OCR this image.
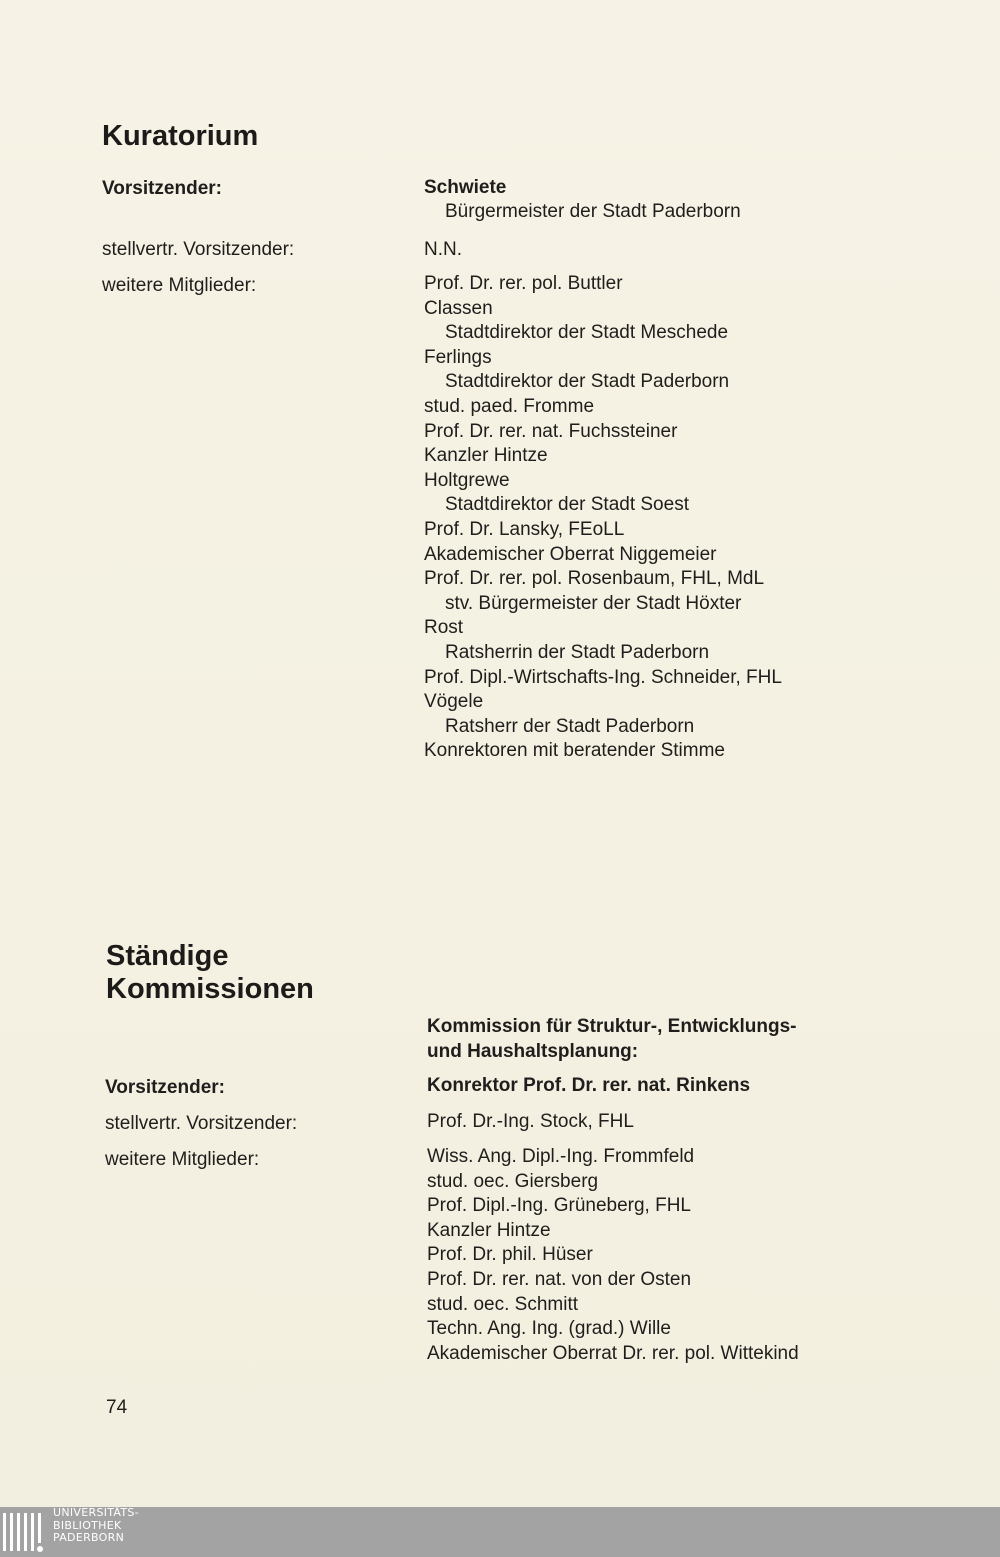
Kuratorium
Vorsitzender:	Schwiete
Bürgermeister der Stadt Paderborn
stellvertr. Vorsitzender:	N.N.
weitere Mitglieder:	Prof. Dr. rer. pol. Buttler
Classen
Stadtdirektor der Stadt Meschede
Ferlings
Stadtdirektor der Stadt Paderborn
stud. paed. Fromme
Prof. Dr. rer. nat. Fuchssteiner
Kanzler Hintze
Holtgrewe
Stadtdirektor der Stadt Soest
Prof. Dr. Lansky, FEoLL
Akademischer Oberrat Niggemeier
Prof. Dr. rer. pol. Rosenbaum, FHL, MdL
stv. Bürgermeister der Stadt Höxter
Rost
Ratsherrin der Stadt Paderborn
Prof. Dipl.-Wirtschafts-Ing. Schneider, FHL
Vögele
Ratsherr der Stadt Paderborn
Konrektoren mit beratender Stimme
Ständige
Kommissionen
Kommission für Struktur-, Entwicklungs-
und Haushaltsplanung:
Vorsitzender:	Konrektor Prof. Dr. rer. nat. Rinkens
stellvertr. Vorsitzender:	Prof. Dr.-Ing. Stock, FHL
weitere Mitglieder:	Wiss. Ang. Dipl.-Ing. Frommfeld
stud. oec. Giersberg
Prof. Dipl.-Ing. Grüneberg, FHL
Kanzler Hintze
Prof. Dr. phil. Hüser
Prof. Dr. rer. nat. von der Osten
stud. oec. Schmitt
Techn. Ang. Ing. (grad.) Wille
Akademischer Oberrat Dr. rer. pol. Wittekind
74
UNIVERSITÄTS-
BIBLIOTHEK
PADERBORN
